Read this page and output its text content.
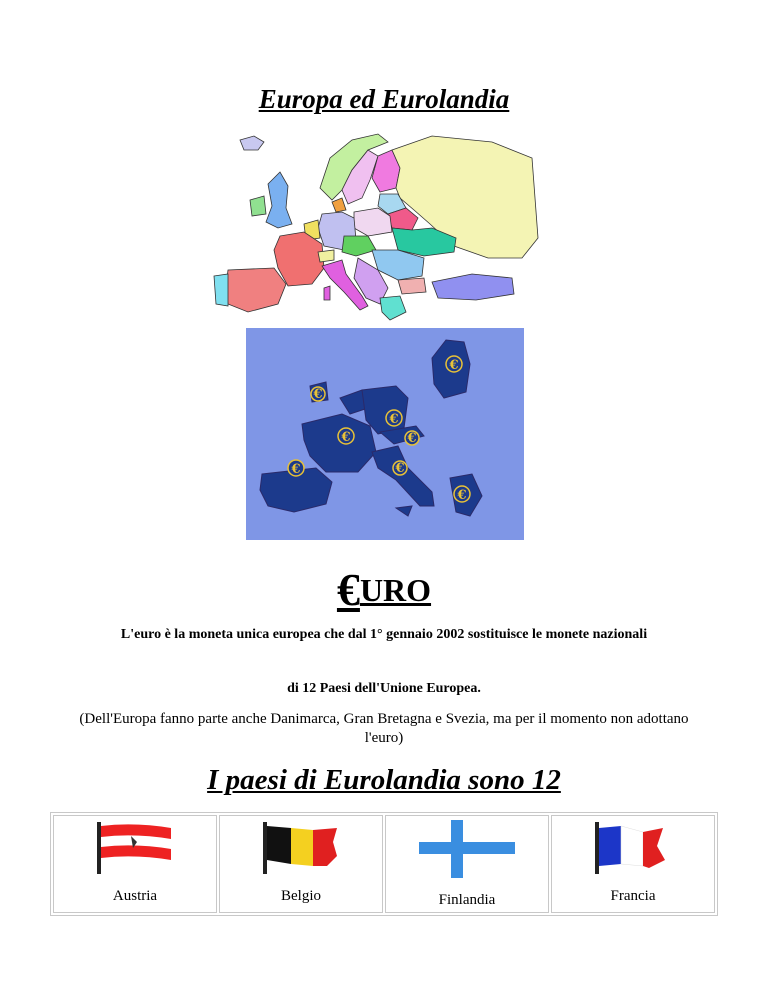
Europa ed Eurolandia
€
€
€
€	€
€	€
€
€URO

L'euro è la moneta unica europea che dal 1° gennaio 2002 sostituisce le monete nazionali

di 12 Paesi dell'Unione Europea.

(Dell'Europa fanno parte anche Danimarca, Gran Bretagna e Svezia, ma per il momento non adottano l'euro)

I paesi di Eurolandia sono 12
Austria	Belgio	Finlandia	Francia
